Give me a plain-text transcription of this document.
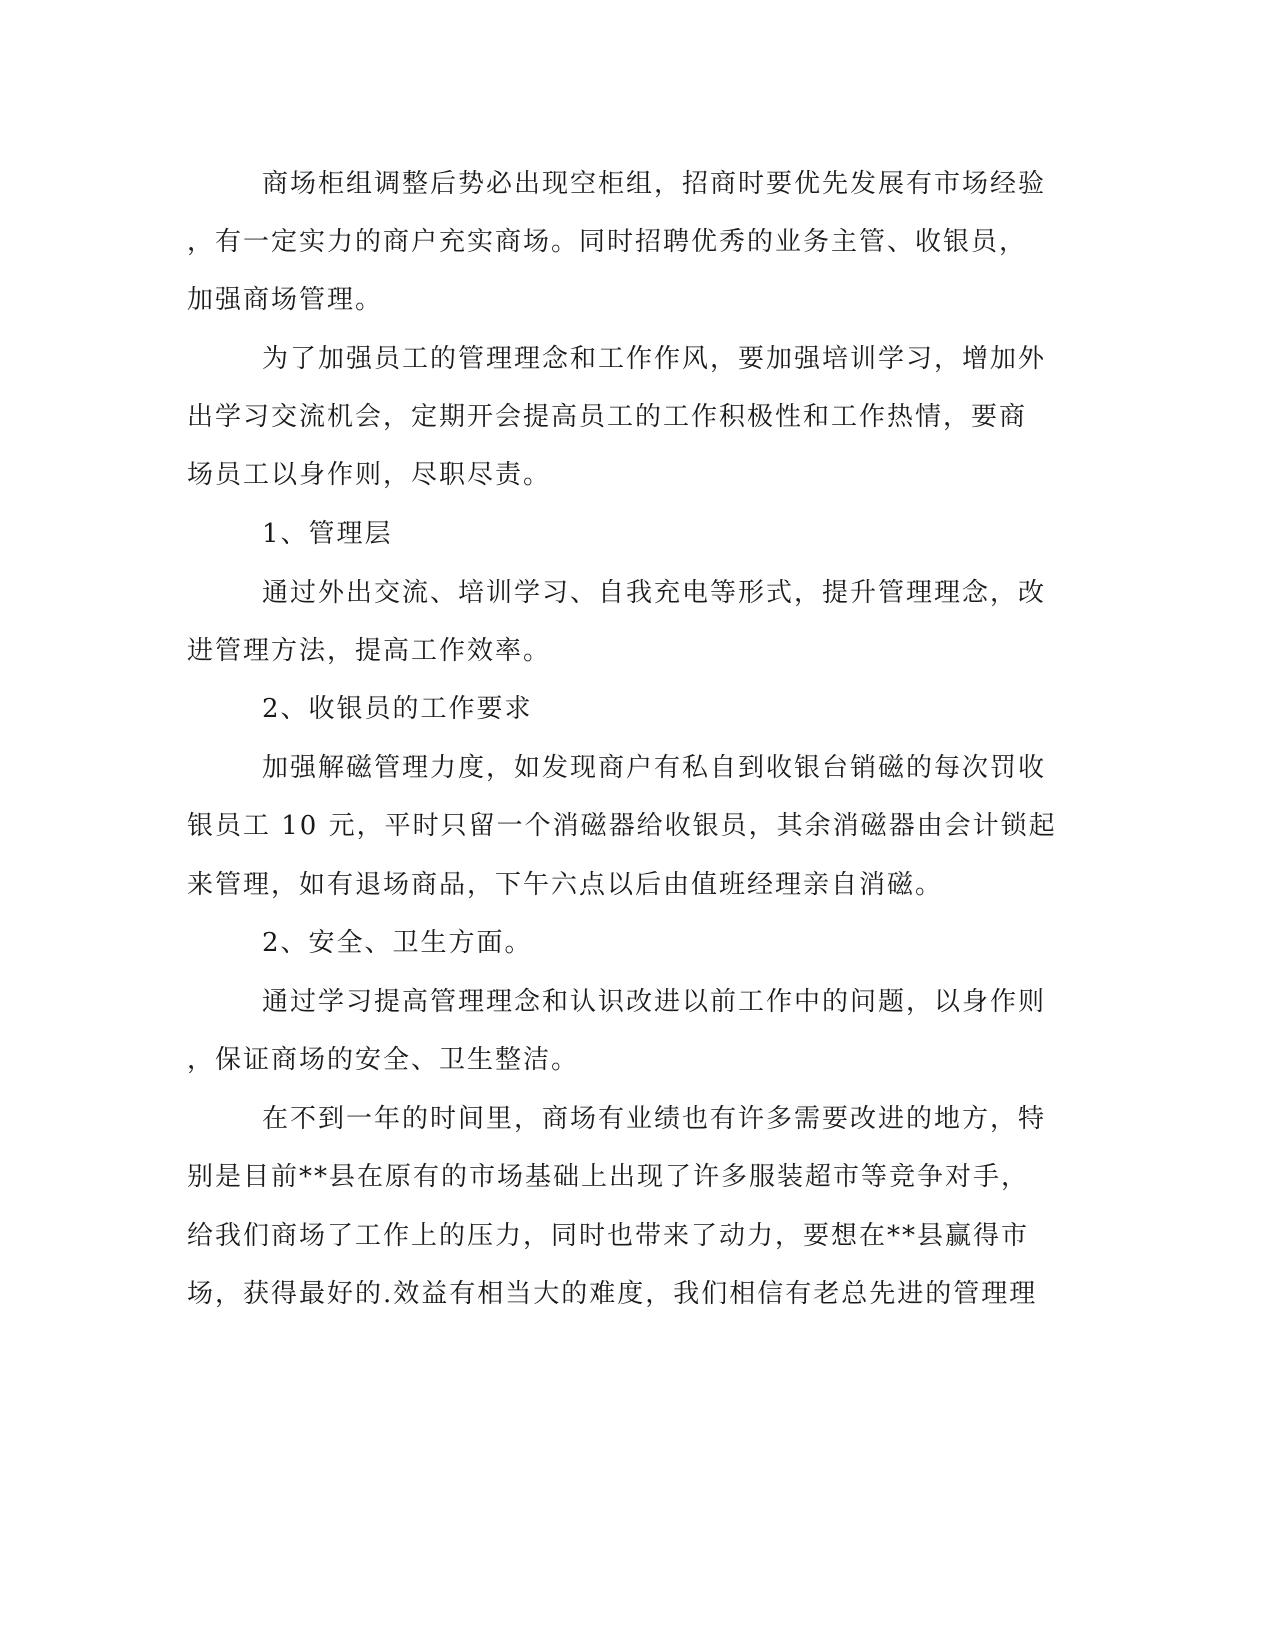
商场柜组调整后势必出现空柜组，招商时要优先发展有市场经验

，有一定实力的商户充实商场。同时招聘优秀的业务主管、收银员，

加强商场管理。

为了加强员工的管理理念和工作作风，要加强培训学习，增加外

出学习交流机会，定期开会提高员工的工作积极性和工作热情，要商

场员工以身作则，尽职尽责。

1、管理层

通过外出交流、培训学习、自我充电等形式，提升管理理念，改

进管理方法，提高工作效率。

2、收银员的工作要求

加强解磁管理力度，如发现商户有私自到收银台销磁的每次罚收

银员工 10 元，平时只留一个消磁器给收银员，其余消磁器由会计锁起

来管理，如有退场商品，下午六点以后由值班经理亲自消磁。

2、安全、卫生方面。

通过学习提高管理理念和认识改进以前工作中的问题，以身作则

，保证商场的安全、卫生整洁。

在不到一年的时间里，商场有业绩也有许多需要改进的地方，特

别是目前**县在原有的市场基础上出现了许多服装超市等竞争对手，

给我们商场了工作上的压力，同时也带来了动力，要想在**县赢得市

场，获得最好的.效益有相当大的难度，我们相信有老总先进的管理理
